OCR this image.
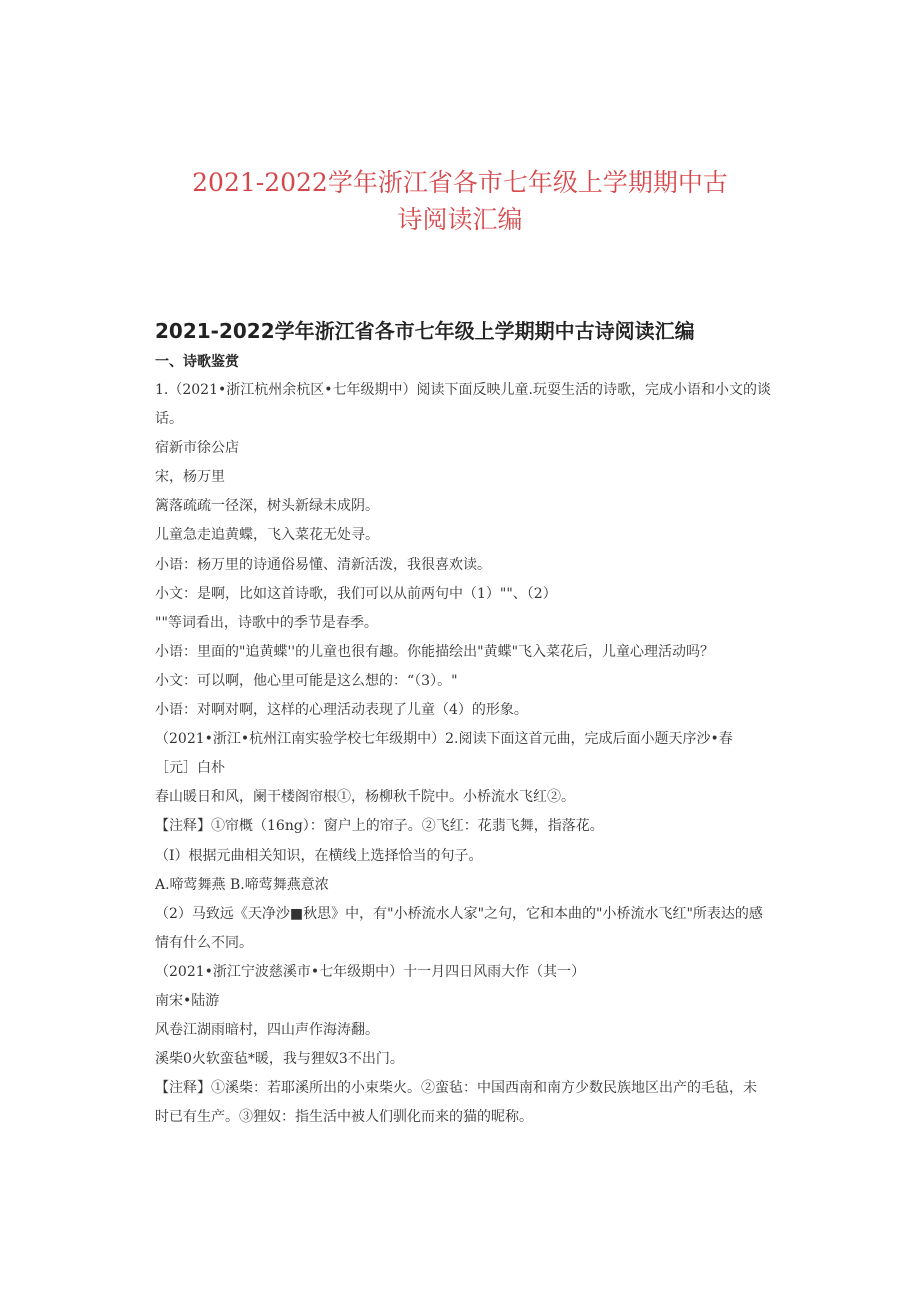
2021-2022学年浙江省各市七年级上学期期中古
诗阅读汇编
2021-2022学年浙江省各市七年级上学期期中古诗阅读汇编
一、诗歌鉴赏
1.（2021•浙江杭州余杭区•七年级期中）阅读下面反映儿童.玩耍生活的诗歌，完成小语和小文的谈
话。
宿新市徐公店
宋，杨万里
篱落疏疏一径深，树头新绿未成阴。
儿童急走追黄蝶，飞入菜花无处寻。
小语：杨万里的诗通俗易懂、清新活泼，我很喜欢读。
小文：是啊，比如这首诗歌，我们可以从前两句中（1）""、（2）
""等词看出，诗歌中的季节是春季。
小语：里面的"追黄蝶''的儿童也很有趣。你能描绘出"黄蝶"飞入菜花后，儿童心理活动吗？
小文：可以啊，他心里可能是这么想的：“（3）。"
小语：对啊对啊，这样的心理活动表现了儿童（4）的形象。
（2021•浙江•杭州江南实验学校七年级期中）2.阅读下面这首元曲，完成后面小题天序沙•春
［元］白朴
春山暖日和风，阑干楼阁帘根①，杨柳秋千院中。小桥流水飞红②。
【注释】①帘概（16ng）：窗户上的帘子。②飞红：花翡飞舞，指落花。
（I）根据元曲相关知识，在横线上选择恰当的句子。
A.啼莺舞燕 B.啼莺舞燕意浓
（2）马致远《天净沙■秋思》中，有"小桥流水人家"之句，它和本曲的"小桥流水飞红"所表达的感
情有什么不同。
（2021•浙江宁波慈溪市•七年级期中）十一月四日风雨大作（其一）
南宋•陆游
风卷江湖雨暗村，四山声作海涛翻。
溪柴0火软蛮毡*暖，我与狸奴3不出门。
【注释】①溪柴：若耶溪所出的小束柴火。②蛮毡：中国西南和南方少数民族地区出产的毛毡，未
时已有生产。③狸奴：指生活中被人们驯化而来的猫的昵称。
